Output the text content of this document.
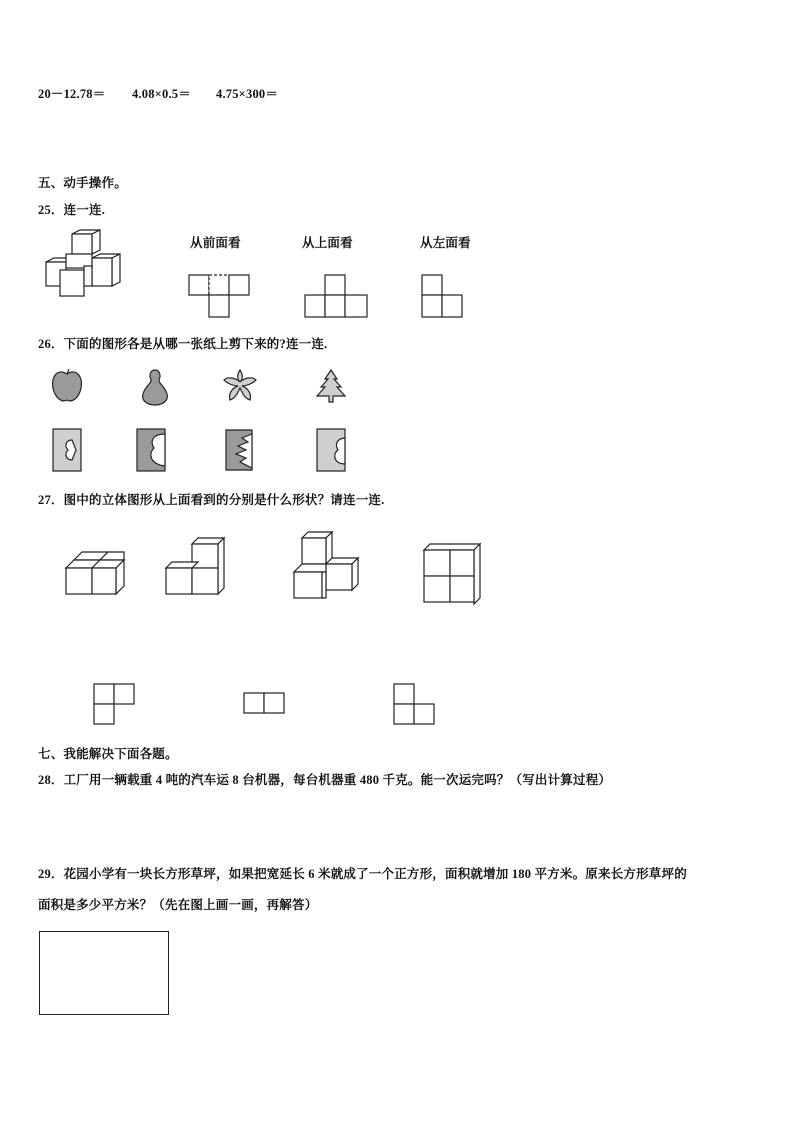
20－12.78＝ 4.08×0.5＝ 4.75×300＝
五、动手操作。
25．连一连.
从前面看	从上面看	从左面看
26．下面的图形各是从哪一张纸上剪下来的?连一连.
27．图中的立体图形从上面看到的分别是什么形状？请连一连.
七、我能解决下面各题。
28．工厂用一辆载重 4 吨的汽车运 8 台机器，每台机器重 480 千克。能一次运完吗？（写出计算过程）
29．花园小学有一块长方形草坪，如果把宽延长 6 米就成了一个正方形，面积就增加 180 平方米。原来长方形草坪的
面积是多少平方米？（先在图上画一画，再解答）
